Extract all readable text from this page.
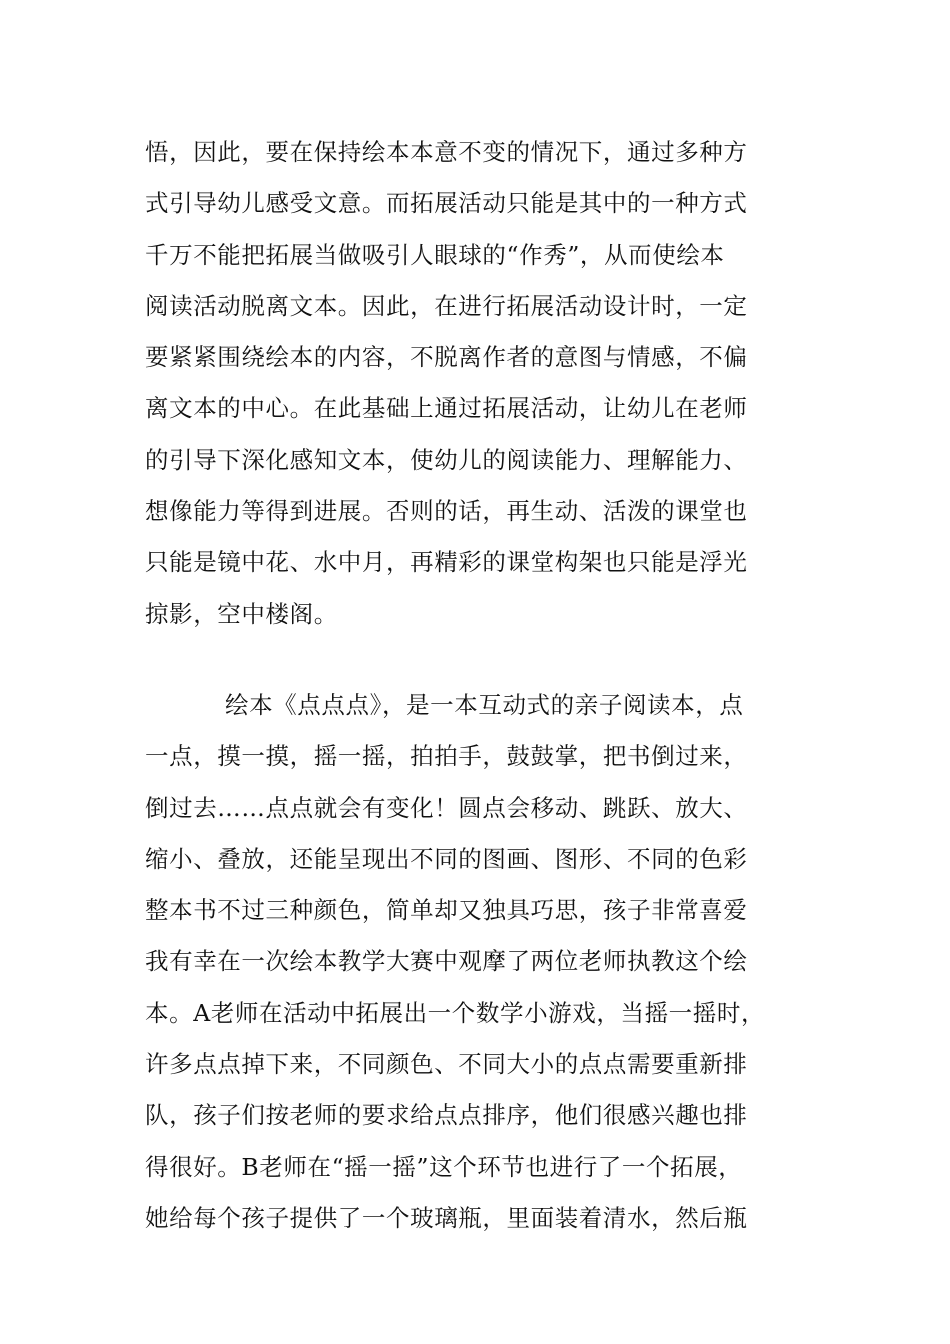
悟，因此，要在保持绘本本意不变的情况下，通过多种方
式引导幼儿感受文意。而拓展活动只能是其中的一种方式
千万不能把拓展当做吸引人眼球的“作秀”，从而使绘本
阅读活动脱离文本。因此，在进行拓展活动设计时，一定
要紧紧围绕绘本的内容，不脱离作者的意图与情感，不偏
离文本的中心。在此基础上通过拓展活动，让幼儿在老师
的引导下深化感知文本，使幼儿的阅读能力、理解能力、
想像能力等得到进展。否则的话，再生动、活泼的课堂也
只能是镜中花、水中月，再精彩的课堂构架也只能是浮光
掠影，空中楼阁。
绘本《点点点》，是一本互动式的亲子阅读本，点
一点，摸一摸，摇一摇，拍拍手，鼓鼓掌，把书倒过来，
倒过去……点点就会有变化！圆点会移动、跳跃、放大、
缩小、叠放，还能呈现出不同的图画、图形、不同的色彩
整本书不过三种颜色，简单却又独具巧思，孩子非常喜爱
我有幸在一次绘本教学大赛中观摩了两位老师执教这个绘
本。A老师在活动中拓展出一个数学小游戏，当摇一摇时，
许多点点掉下来，不同颜色、不同大小的点点需要重新排
队，孩子们按老师的要求给点点排序，他们很感兴趣也排
得很好。B老师在“摇一摇”这个环节也进行了一个拓展，
她给每个孩子提供了一个玻璃瓶，里面装着清水，然后瓶
